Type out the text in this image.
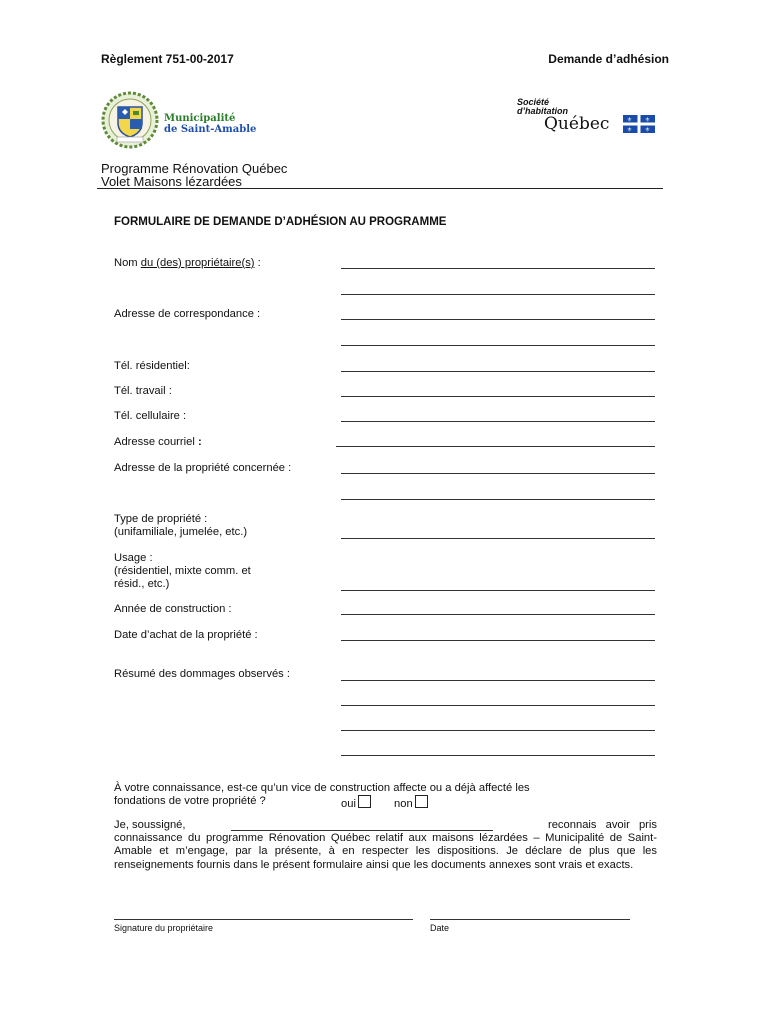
Règlement 751-00-2017	Demande d’adhésion
Municipalité
de Saint-Amable
Société
d’habitation
Québec	⚜ ⚜
⚜ ⚜
Programme Rénovation Québec
Volet Maisons lézardées
FORMULAIRE DE DEMANDE D’ADHÉSION AU PROGRAMME
Nom du (des) propriétaire(s) :
Adresse de correspondance :
Tél. résidentiel:
Tél. travail :
Tél. cellulaire :
Adresse courriel :
Adresse de la propriété concernée :
Type de propriété :
(unifamiliale, jumelée, etc.)
Usage :
(résidentiel, mixte comm. et
résid., etc.)
Année de construction :
Date d’achat de la propriété :
Résumé des dommages observés :
À votre connaissance, est-ce qu’un vice de construction affecte ou a déjà affecté les
fondations de votre propriété ?	oui	non
Je, soussigné,	reconnais avoir pris
connaissance du programme Rénovation Québec relatif aux maisons lézardées – Municipalité de Saint-Amable et m’engage, par la présente, à en respecter les dispositions. Je déclare de plus que les renseignements fournis dans le présent formulaire ainsi que les documents annexes sont vrais et exacts.
Signature du propriétaire	Date
